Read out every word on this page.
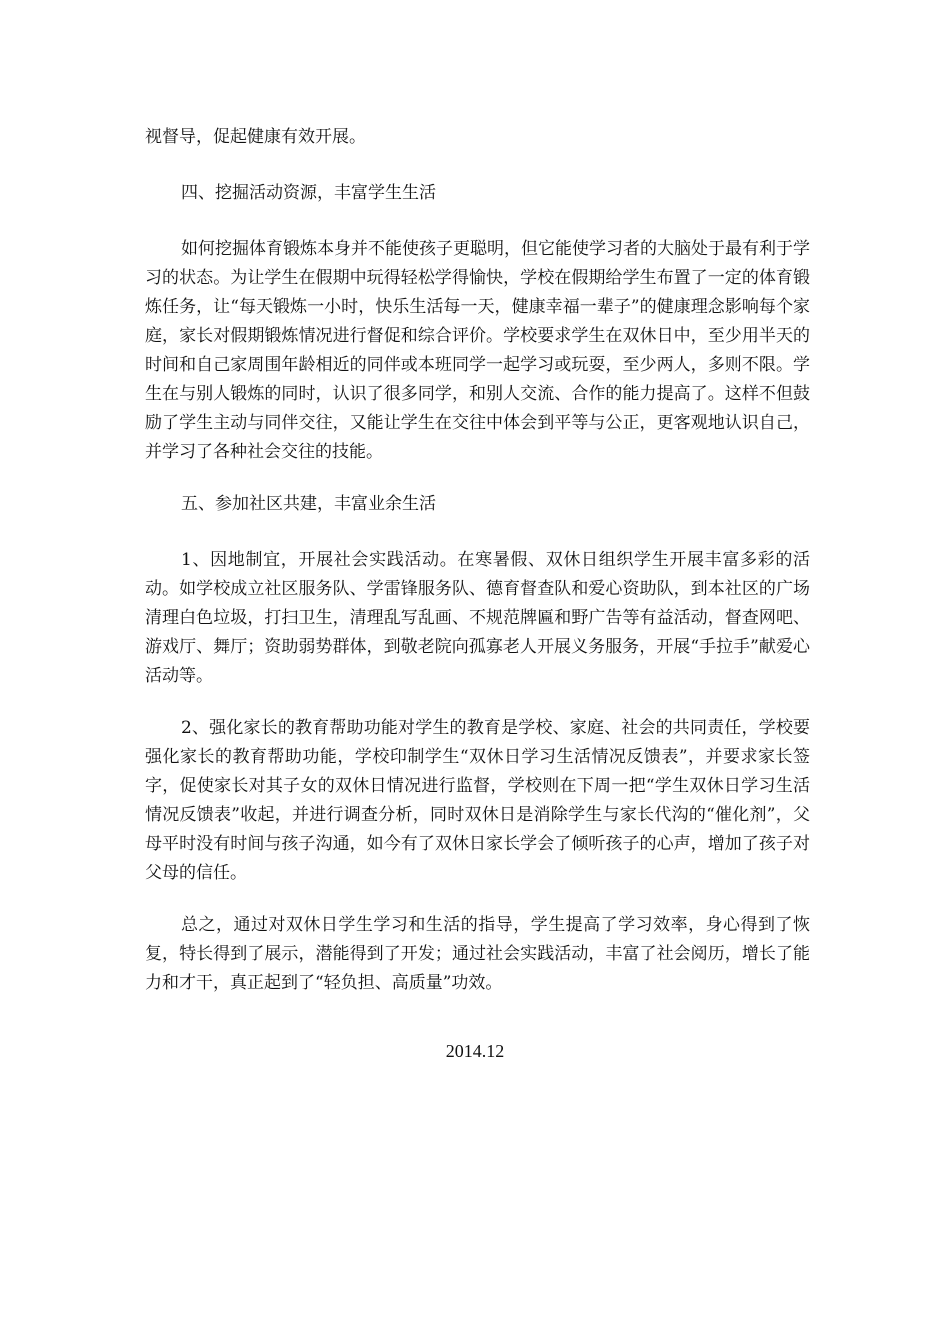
视督导，促起健康有效开展。

四、挖掘活动资源，丰富学生生活

如何挖掘体育锻炼本身并不能使孩子更聪明，但它能使学习者的大脑处于最有利于学习的状态。为让学生在假期中玩得轻松学得愉快，学校在假期给学生布置了一定的体育锻炼任务，让“每天锻炼一小时，快乐生活每一天，健康幸福一辈子”的健康理念影响每个家庭，家长对假期锻炼情况进行督促和综合评价。学校要求学生在双休日中，至少用半天的时间和自己家周围年龄相近的同伴或本班同学一起学习或玩耍，至少两人，多则不限。学生在与别人锻炼的同时，认识了很多同学，和别人交流、合作的能力提高了。这样不但鼓励了学生主动与同伴交往，又能让学生在交往中体会到平等与公正，更客观地认识自己，并学习了各种社会交往的技能。

五、参加社区共建，丰富业余生活

1、因地制宜，开展社会实践活动。在寒暑假、双休日组织学生开展丰富多彩的活动。如学校成立社区服务队、学雷锋服务队、德育督查队和爱心资助队，到本社区的广场清理白色垃圾，打扫卫生，清理乱写乱画、不规范牌匾和野广告等有益活动，督查网吧、游戏厅、舞厅；资助弱势群体，到敬老院向孤寡老人开展义务服务，开展“手拉手”献爱心活动等。

2、强化家长的教育帮助功能对学生的教育是学校、家庭、社会的共同责任，学校要强化家长的教育帮助功能，学校印制学生“双休日学习生活情况反馈表”，并要求家长签字，促使家长对其子女的双休日情况进行监督，学校则在下周一把“学生双休日学习生活情况反馈表”收起，并进行调查分析，同时双休日是消除学生与家长代沟的“催化剂”，父母平时没有时间与孩子沟通，如今有了双休日家长学会了倾听孩子的心声，增加了孩子对父母的信任。

总之，通过对双休日学生学习和生活的指导，学生提高了学习效率，身心得到了恢复，特长得到了展示，潜能得到了开发；通过社会实践活动，丰富了社会阅历，增长了能力和才干，真正起到了“轻负担、高质量”功效。

2014.12
